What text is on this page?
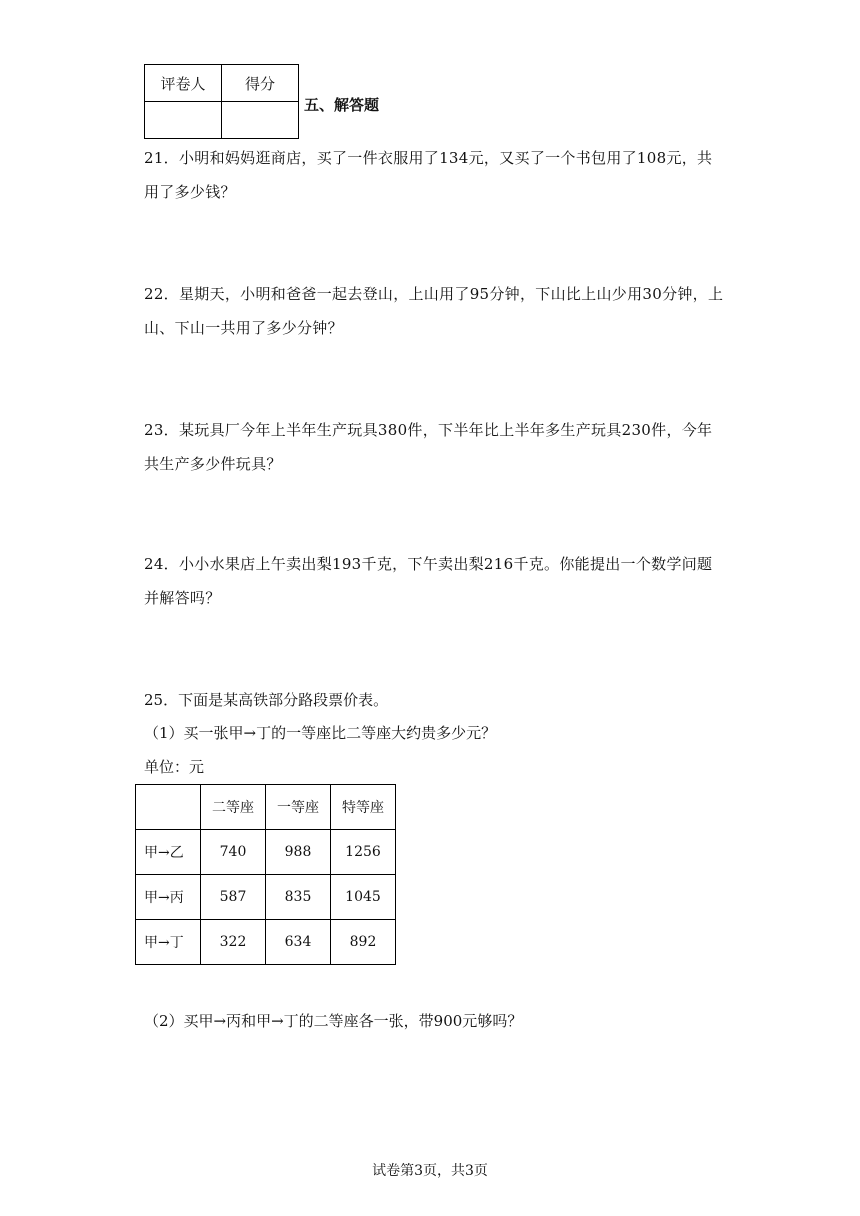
评卷人	得分

五、解答题
21．小明和妈妈逛商店，买了一件衣服用了134元，又买了一个书包用了108元，共用了多少钱？
22．星期天，小明和爸爸一起去登山，上山用了95分钟，下山比上山少用30分钟，上山、下山一共用了多少分钟？
23．某玩具厂今年上半年生产玩具380件，下半年比上半年多生产玩具230件，今年共生产多少件玩具？
24．小小水果店上午卖出梨193千克，下午卖出梨216千克。你能提出一个数学问题并解答吗？
25．下面是某高铁部分路段票价表。
（1）买一张甲→丁的一等座比二等座大约贵多少元？
单位：元
	二等座	一等座	特等座
甲→乙	740	988	1256
甲→丙	587	835	1045
甲→丁	322	634	892
（2）买甲→丙和甲→丁的二等座各一张，带900元够吗？
试卷第3页，共3页
